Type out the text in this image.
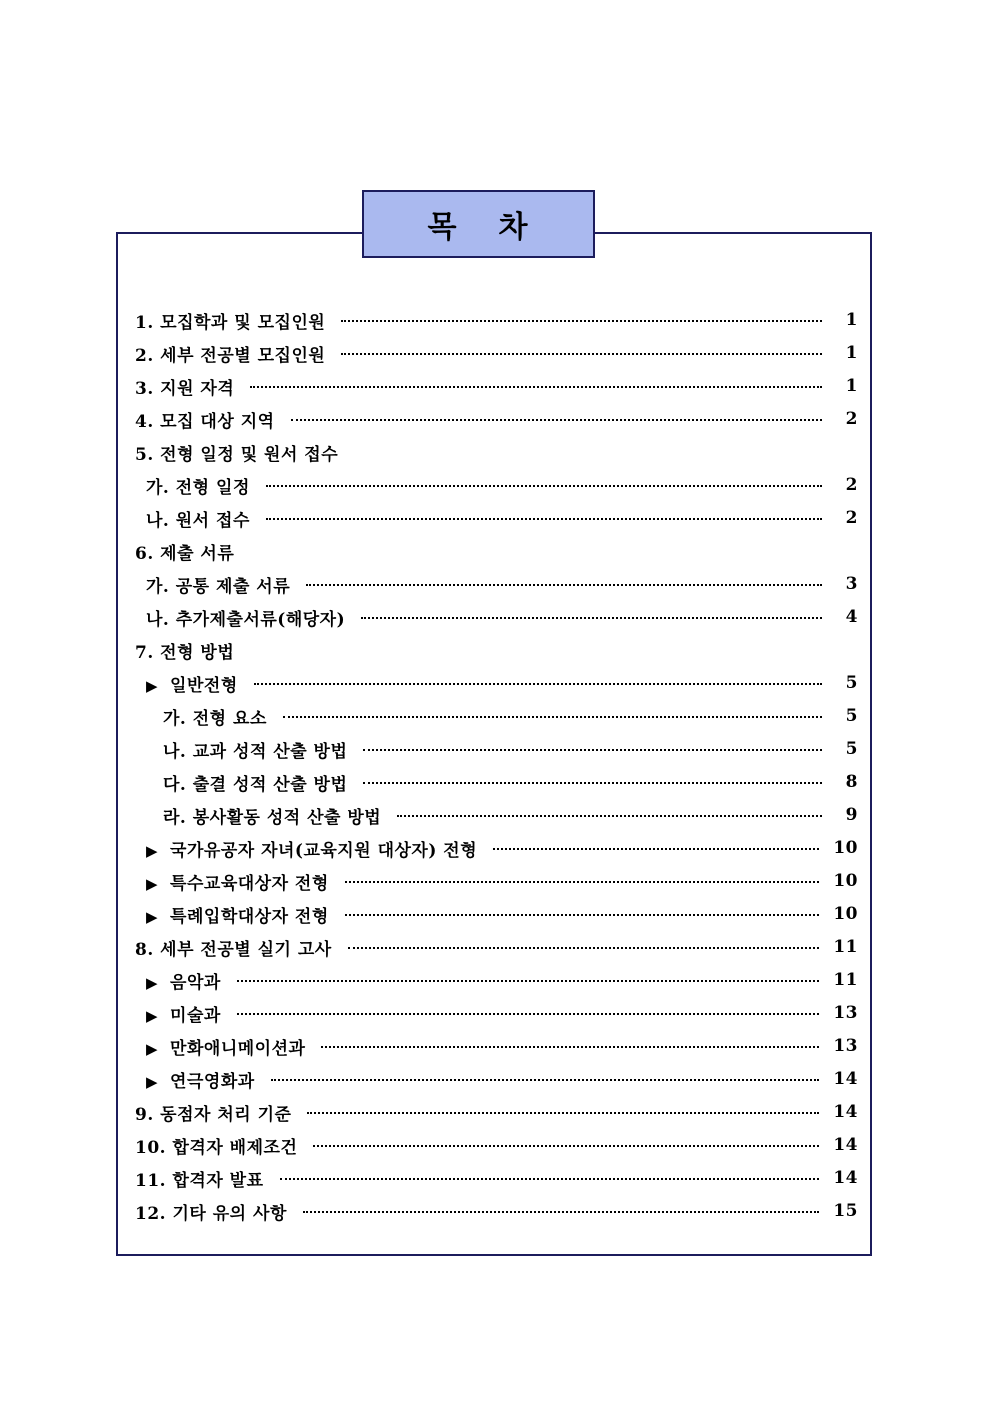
목 차
1. 모집학과 및 모집인원	1
2. 세부 전공별 모집인원	1
3. 지원 자격	1
4. 모집 대상 지역	2
5. 전형 일정 및 원서 접수
가. 전형 일정	2
나. 원서 접수	2
6. 제출 서류
가. 공통 제출 서류	3
나. 추가제출서류(해당자)	4
7. 전형 방법
▶ 일반전형	5
가. 전형 요소	5
나. 교과 성적 산출 방법	5
다. 출결 성적 산출 방법	8
라. 봉사활동 성적 산출 방법	9
▶ 국가유공자 자녀(교육지원 대상자) 전형	10
▶ 특수교육대상자 전형	10
▶ 특례입학대상자 전형	10
8. 세부 전공별 실기 고사	11
▶ 음악과	11
▶ 미술과	13
▶ 만화애니메이션과	13
▶ 연극영화과	14
9. 동점자 처리 기준	14
10. 합격자 배제조건	14
11. 합격자 발표	14
12. 기타 유의 사항	15
